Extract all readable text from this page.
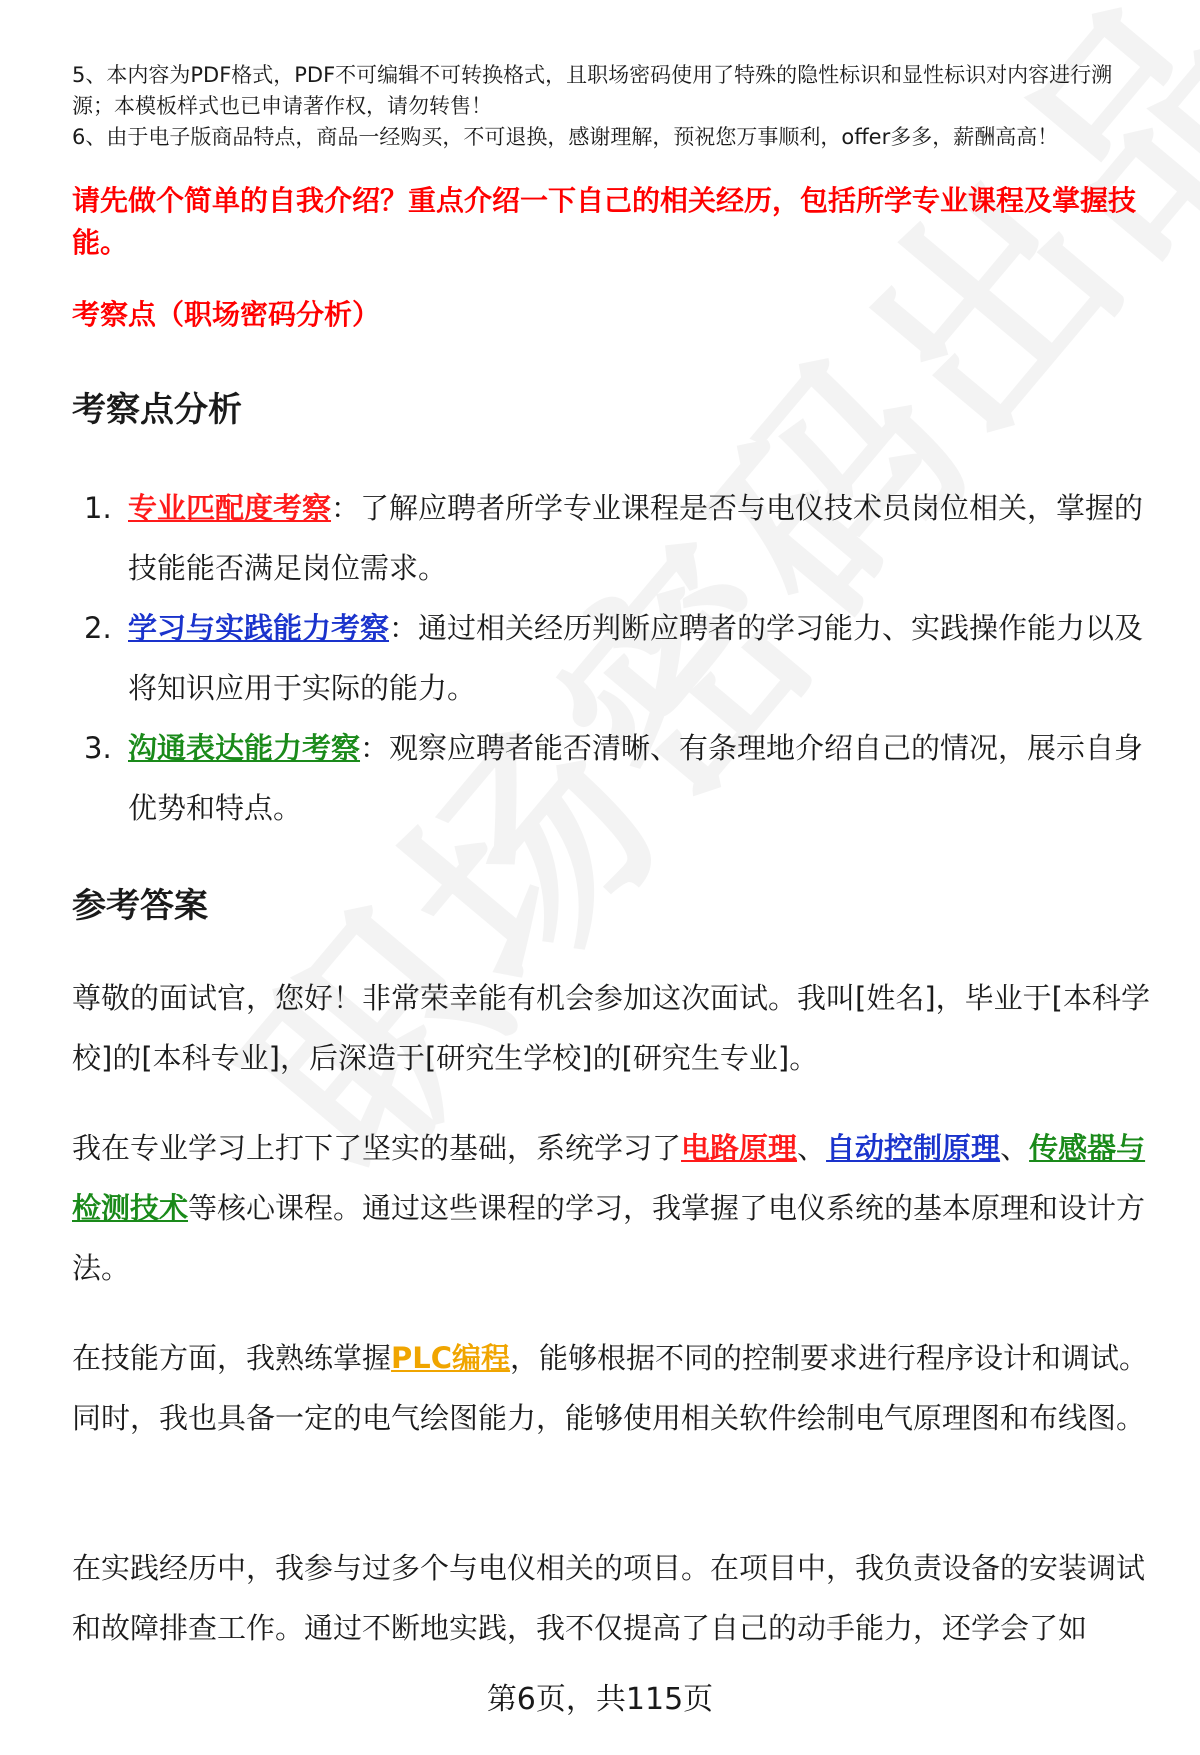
5、本内容为PDF格式，PDF不可编辑不可转换格式，且职场密码使用了特殊的隐性标识和显性标识对内容进行溯源；本模板样式也已申请著作权，请勿转售！

6、由于电子版商品特点，商品一经购买，不可退换，感谢理解，预祝您万事顺利，offer多多，薪酬高高！

请先做个简单的自我介绍？重点介绍一下自己的相关经历，包括所学专业课程及掌握技能。

考察点（职场密码分析）

考察点分析
1. 专业匹配度考察：了解应聘者所学专业课程是否与电仪技术员岗位相关，掌握的技能能否满足岗位需求。
2. 学习与实践能力考察：通过相关经历判断应聘者的学习能力、实践操作能力以及将知识应用于实际的能力。
3. 沟通表达能力考察：观察应聘者能否清晰、有条理地介绍自己的情况，展示自身优势和特点。
参考答案

尊敬的面试官，您好！非常荣幸能有机会参加这次面试。我叫[姓名]，毕业于[本科学校]的[本科专业]，后深造于[研究生学校]的[研究生专业]。

我在专业学习上打下了坚实的基础，系统学习了电路原理、自动控制原理、传感器与检测技术等核心课程。通过这些课程的学习，我掌握了电仪系统的基本原理和设计方法。

在技能方面，我熟练掌握PLC编程，能够根据不同的控制要求进行程序设计和调试。同时，我也具备一定的电气绘图能力，能够使用相关软件绘制电气原理图和布线图。

在实践经历中，我参与过多个与电仪相关的项目。在项目中，我负责设备的安装调试和故障排查工作。通过不断地实践，我不仅提高了自己的动手能力，还学会了如

第6页，共115页
